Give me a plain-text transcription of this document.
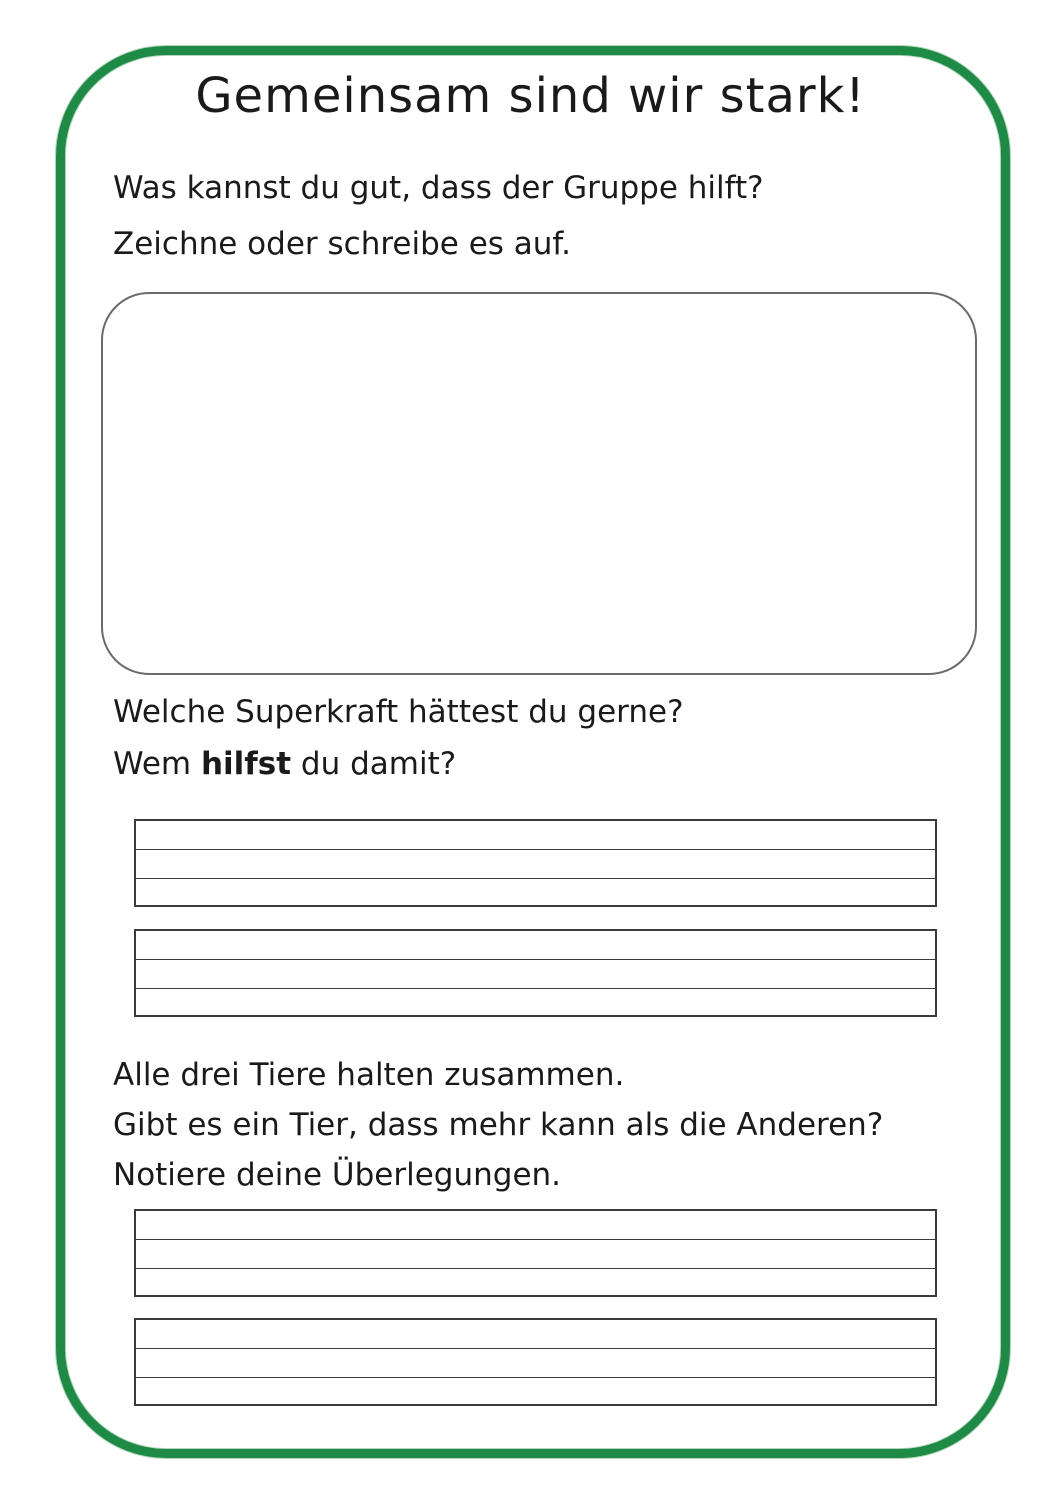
Gemeinsam sind wir stark!
Was kannst du gut, dass der Gruppe hilft?
Zeichne oder schreibe es auf.
Welche Superkraft hättest du gerne?
Wem hilfst du damit?
Alle drei Tiere halten zusammen.
Gibt es ein Tier, dass mehr kann als die Anderen?
Notiere deine Überlegungen.
